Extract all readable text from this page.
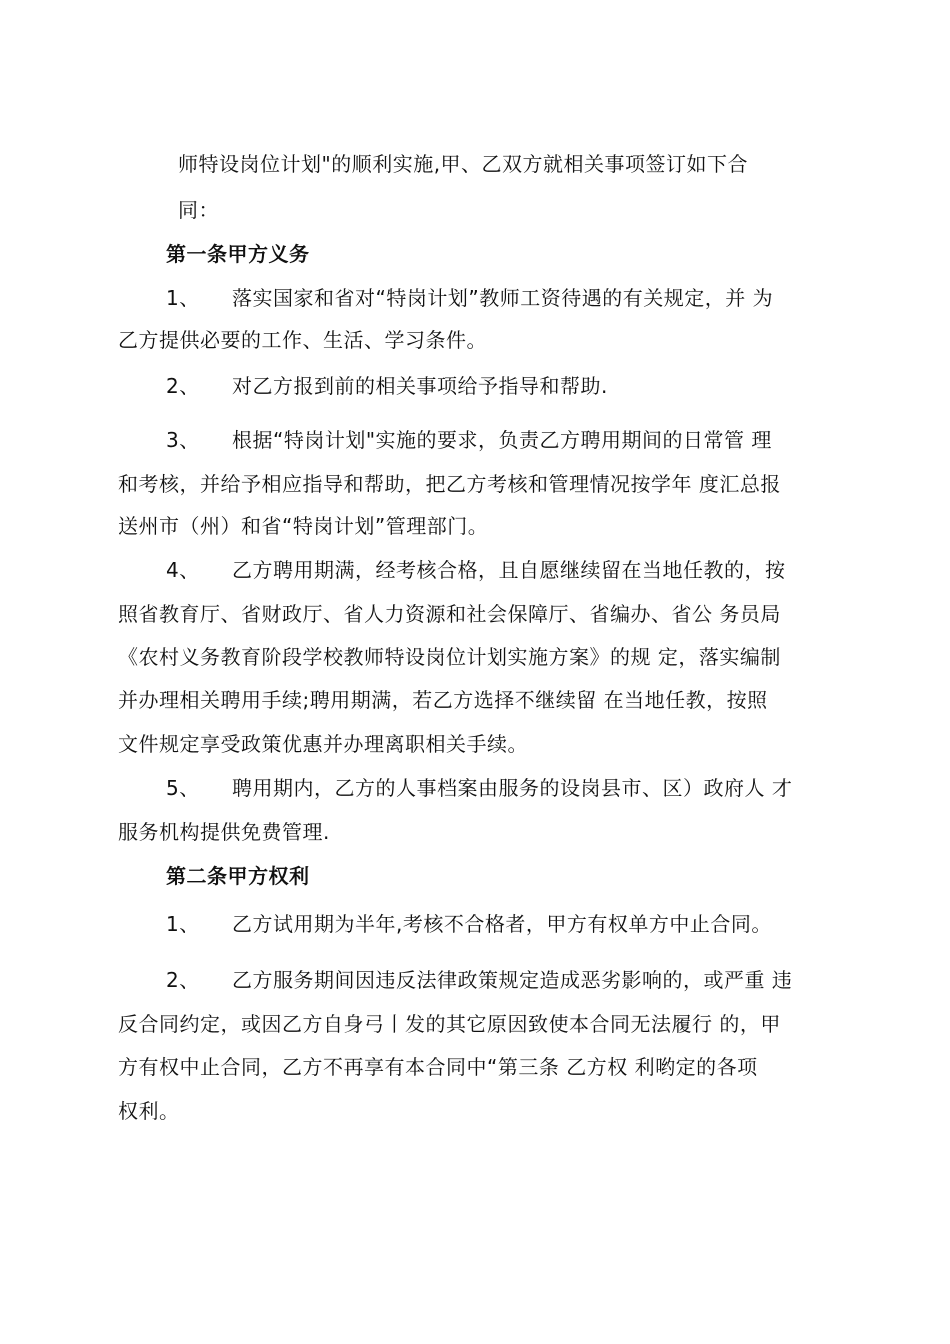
师特设岗位计划"的顺利实施,甲、乙双方就相关事项签订如下合
同：
第一条甲方义务
1、 落实国家和省对“特岗计划”教师工资待遇的有关规定，并 为
乙方提供必要的工作、生活、学习条件。
2、 对乙方报到前的相关事项给予指导和帮助.
3、 根据“特岗计划"实施的要求，负责乙方聘用期间的日常管 理
和考核，并给予相应指导和帮助，把乙方考核和管理情况按学年 度汇总报
送州市（州）和省“特岗计划”管理部门。
4、 乙方聘用期满，经考核合格，且自愿继续留在当地任教的，按
照省教育厅、省财政厅、省人力资源和社会保障厅、省编办、省公 务员局
《农村义务教育阶段学校教师特设岗位计划实施方案》的规 定，落实编制
并办理相关聘用手续;聘用期满，若乙方选择不继续留 在当地任教，按照
文件规定享受政策优惠并办理离职相关手续。
5、 聘用期内，乙方的人事档案由服务的设岗县市、区）政府人 才
服务机构提供免费管理.
第二条甲方权利
1、 乙方试用期为半年,考核不合格者，甲方有权单方中止合同。
2、 乙方服务期间因违反法律政策规定造成恶劣影响的，或严重 违
反合同约定，或因乙方自身弓丨发的其它原因致使本合同无法履行 的，甲
方有权中止合同，乙方不再享有本合同中“第三条 乙方权 利哟定的各项
权利。
